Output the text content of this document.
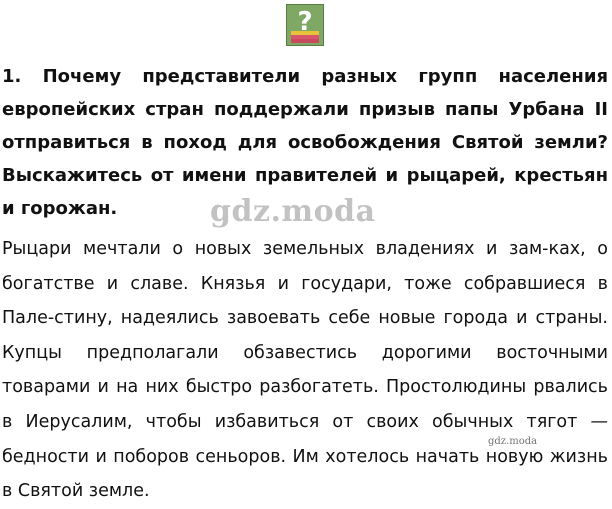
?

1. Почему представители разных групп населения европейских стран поддержали призыв папы Урбана II отправиться в поход для освобождения Святой земли? Выскажитесь от имени правителей и рыцарей, крестьян и горожан.	gdz.moda

Рыцари мечтали о новых земельных владениях и зам-ках, о богатстве и славе. Князья и государи, тоже собравшиеся в Пале-стину, надеялись завоевать себе новые города и страны. Купцы предполагали обзавестись дорогими восточными товарами и на них быстро разбогатеть. Простолюдины рвались в Иерусалим, чтобы избавиться от своих обычных тягот — бедности и поборов сеньоров. Им хотелось начать новую жизнь в Святой земле.

gdz.moda
